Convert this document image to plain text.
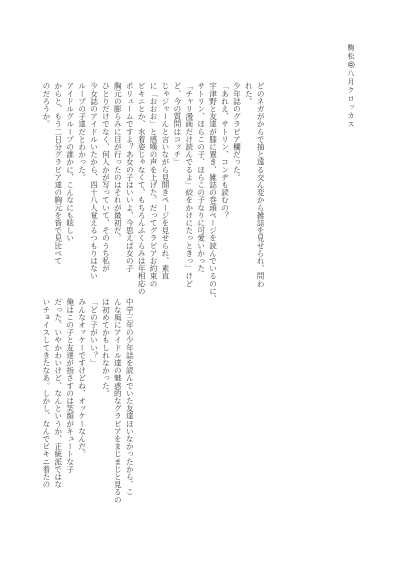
駒松@八月クロッカス
どのネガがからで抽と遠る交ん変から雑誌を見せられ、問わ
れた。
少年誌のグラビア欄だった。
「あれえ、サトリン、コンヂも読むの？
宇津野と友達が膝に置き、雑誌の巻頭ページを読んでいるのに、
サトリン、ほらこの子、ほらこの子なりに可愛いかった
「チャリ漫画だけ読んでるよ」絞をかけにたっときっ」けど
ど、今の質問はコッチ」
じゃジャーんと言いながら見開きページを見せられ、素直
に「おおお」と感嘆の声を上げた。だってグラビアお約束の
ビキニとか、水着姿じゃなくて、もちろんふくらみは年相応の
ポリュームですよ？あ女の子はいいよ、今思えば女の子
胸元の膨らみに目が行ったのはそれが最初だ。
ひとりだけでなく、何人かが写っていて、そのうち私が
少女誌のアイドルいたから、四十八人覚えるつもりはない
ループの子達だとわかった。
アイドルグループの誰かに、こんなにも眩しい
からと、もう二日分グラビア達の胸元を皆で見比べて
のだろうか。
中学三年の少年誌を読んでいた友達ほいなかったから、こ
んな風にアイドル達の魅惑的なグラビアをまじまじと見るの
は初めてかもしれなかった。
「どの子がいい？」
みんなオッケーですけどね、オッケーなんだ。
俺はこの子と友達が指さすのは笑顔がキュートな子
だった。いやかわいけど、なんというか、正統派ではな
いチョイスしてきたなあ。しかし、なんでビキニ着たの
